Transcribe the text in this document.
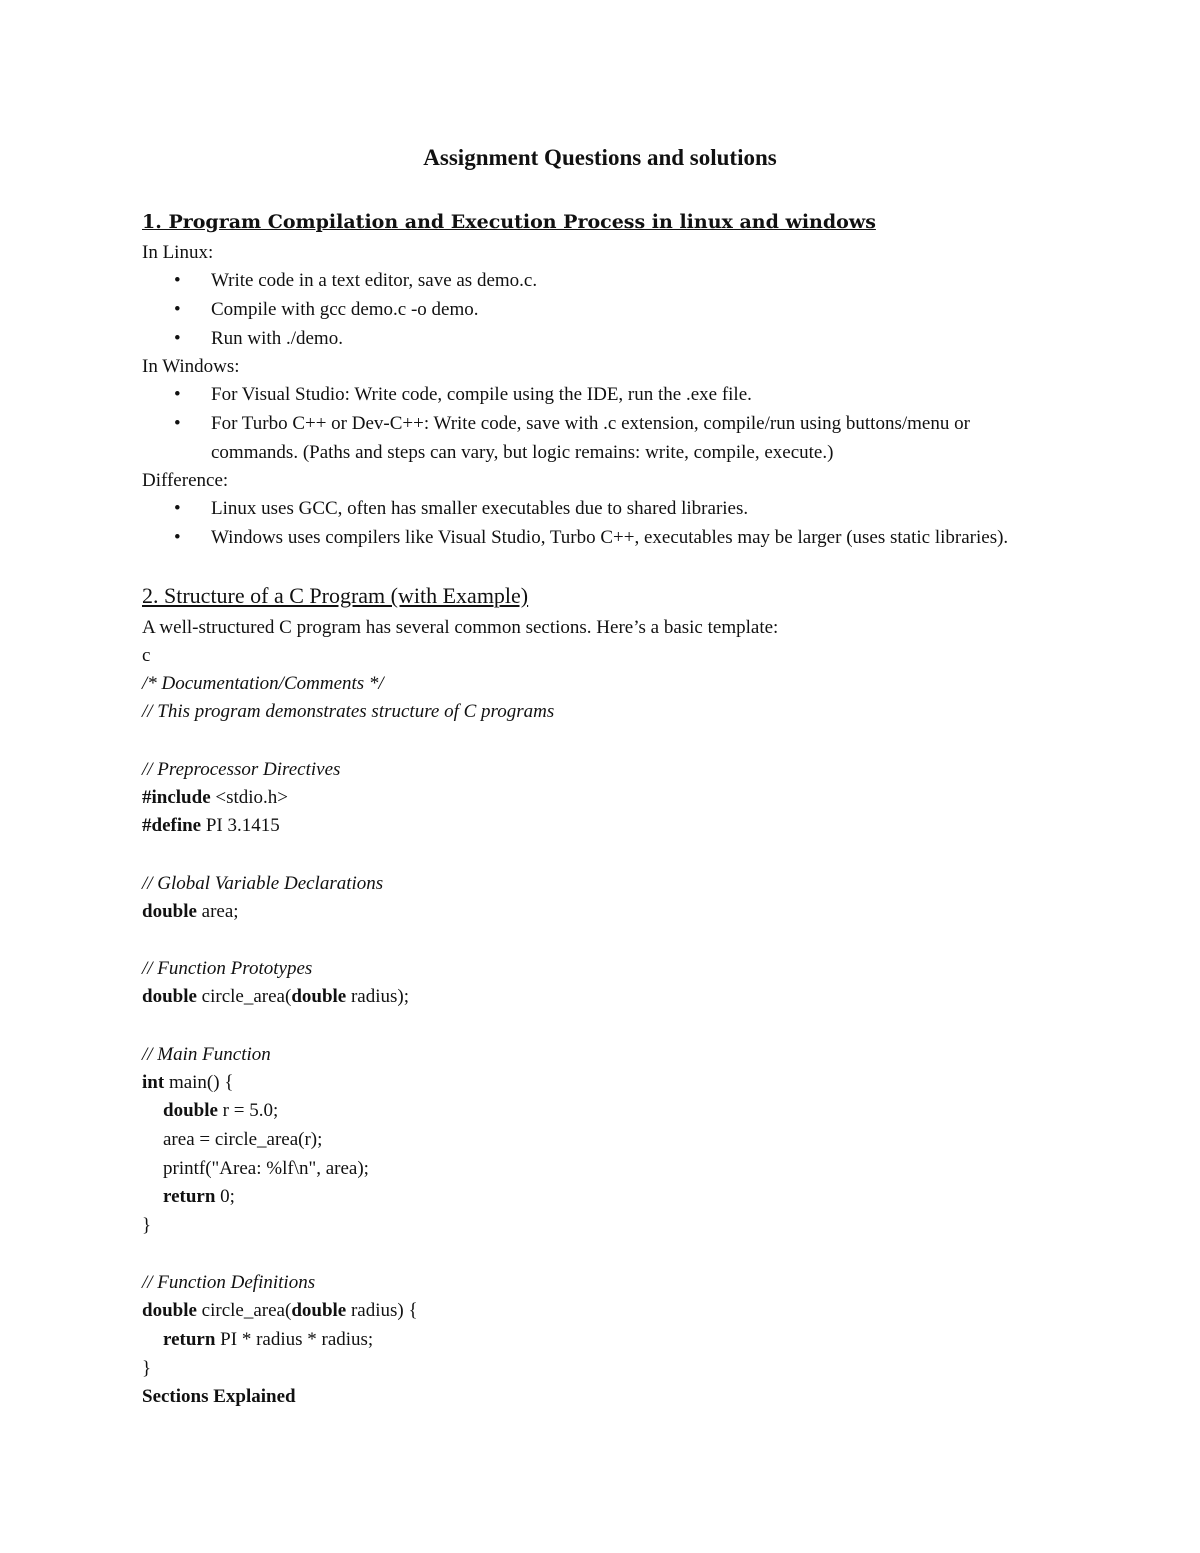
Assignment Questions and solutions
1. Program Compilation and Execution Process in linux and windows
In Linux:
• Write code in a text editor, save as demo.c.
• Compile with gcc demo.c -o demo.
• Run with ./demo.
In Windows:
• For Visual Studio: Write code, compile using the IDE, run the .exe file.
• For Turbo C++ or Dev-C++: Write code, save with .c extension, compile/run using buttons/menu or commands. (Paths and steps can vary, but logic remains: write, compile, execute.)
Difference:
• Linux uses GCC, often has smaller executables due to shared libraries.
• Windows uses compilers like Visual Studio, Turbo C++, executables may be larger (uses static libraries).
2. Structure of a C Program (with Example)
A well-structured C program has several common sections. Here’s a basic template:
c
/* Documentation/Comments */
// This program demonstrates structure of C programs
// Preprocessor Directives
#include <stdio.h>
#define PI 3.1415
// Global Variable Declarations
double area;
// Function Prototypes
double circle_area(double radius);
// Main Function
int main() {
double r = 5.0;
area = circle_area(r);
printf("Area: %lf\n", area);
return 0;
}
// Function Definitions
double circle_area(double radius) {
return PI * radius * radius;
}
Sections Explained
